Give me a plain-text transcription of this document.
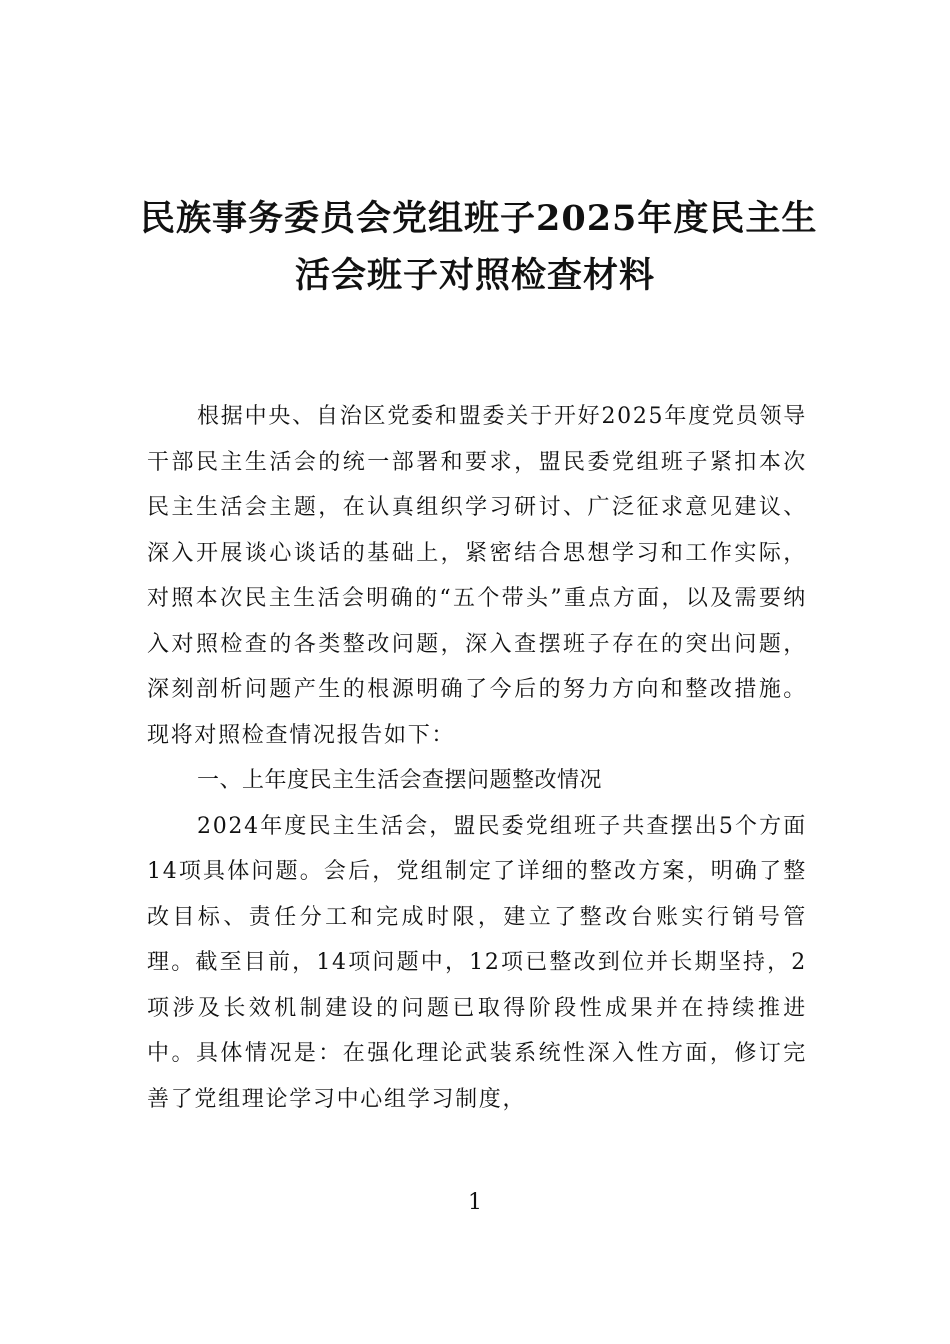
民族事务委员会党组班子2025年度民主生
活会班子对照检查材料

根据中央、自治区党委和盟委关于开好2025年度党员领导干部民主生活会的统一部署和要求，盟民委党组班子紧扣本次民主生活会主题，在认真组织学习研讨、广泛征求意见建议、深入开展谈心谈话的基础上，紧密结合思想学习和工作实际，对照本次民主生活会明确的“五个带头”重点方面，以及需要纳入对照检查的各类整改问题，深入查摆班子存在的突出问题，深刻剖析问题产生的根源明确了今后的努力方向和整改措施。现将对照检查情况报告如下：

一、上年度民主生活会查摆问题整改情况

2024年度民主生活会，盟民委党组班子共查摆出5个方面14项具体问题。会后，党组制定了详细的整改方案，明确了整改目标、责任分工和完成时限，建立了整改台账实行销号管理。截至目前，14项问题中，12项已整改到位并长期坚持，2项涉及长效机制建设的问题已取得阶段性成果并在持续推进中。具体情况是：在强化理论武装系统性深入性方面，修订完善了党组理论学习中心组学习制度，

1
